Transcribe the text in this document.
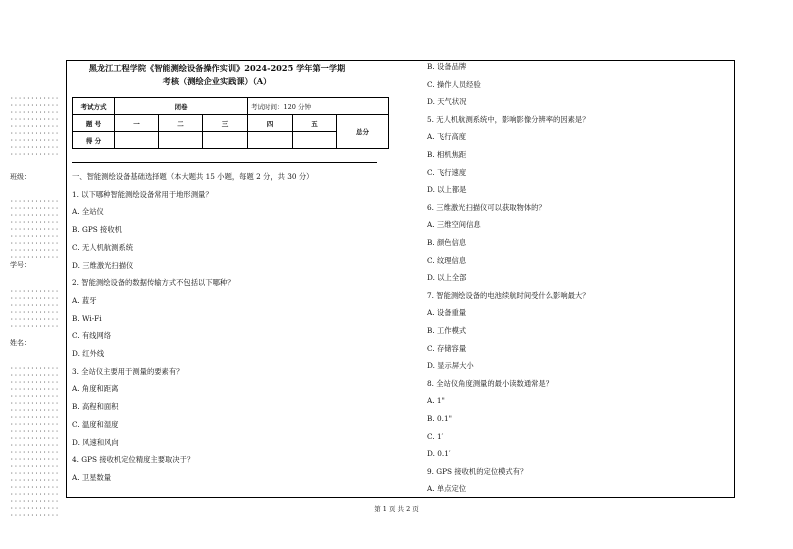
············
············
············
············
············
············
············
············
············
班级：
············
············
············
············
············
············
············
············
············
学号：
············
············
············
············
············
············
姓名：
············
············
············
············
············
············
············
············
············
············
············
············
············
············
············
············
············
············
············
············
············
············
黑龙江工程学院《智能测绘设备操作实训》2024-2025 学年第一学期
考核（测绘企业实践课）（A）
考试方式	闭卷			考试时间：120 分钟		
题 号	一	二	三	四	五	总分
得 分						
一、智能测绘设备基础选择题（本大题共 15 小题，每题 2 分，共 30 分）
1. 以下哪种智能测绘设备常用于地形测量？
A. 全站仪
B. GPS 接收机
C. 无人机航测系统
D. 三维激光扫描仪
2. 智能测绘设备的数据传输方式不包括以下哪种？
A. 蓝牙
B. Wi-Fi
C. 有线网络
D. 红外线
3. 全站仪主要用于测量的要素有？
A. 角度和距离
B. 高程和面积
C. 温度和湿度
D. 风速和风向
4. GPS 接收机定位精度主要取决于？
A. 卫星数量
B. 设备品牌
C. 操作人员经验
D. 天气状况
5. 无人机航测系统中，影响影像分辨率的因素是？
A. 飞行高度
B. 相机焦距
C. 飞行速度
D. 以上都是
6. 三维激光扫描仪可以获取物体的？
A. 三维空间信息
B. 颜色信息
C. 纹理信息
D. 以上全部
7. 智能测绘设备的电池续航时间受什么影响最大？
A. 设备重量
B. 工作模式
C. 存储容量
D. 显示屏大小
8. 全站仪角度测量的最小读数通常是？
A. 1"
B. 0.1"
C. 1′
D. 0.1′
9. GPS 接收机的定位模式有？
A. 单点定位
第 1 页 共 2 页
